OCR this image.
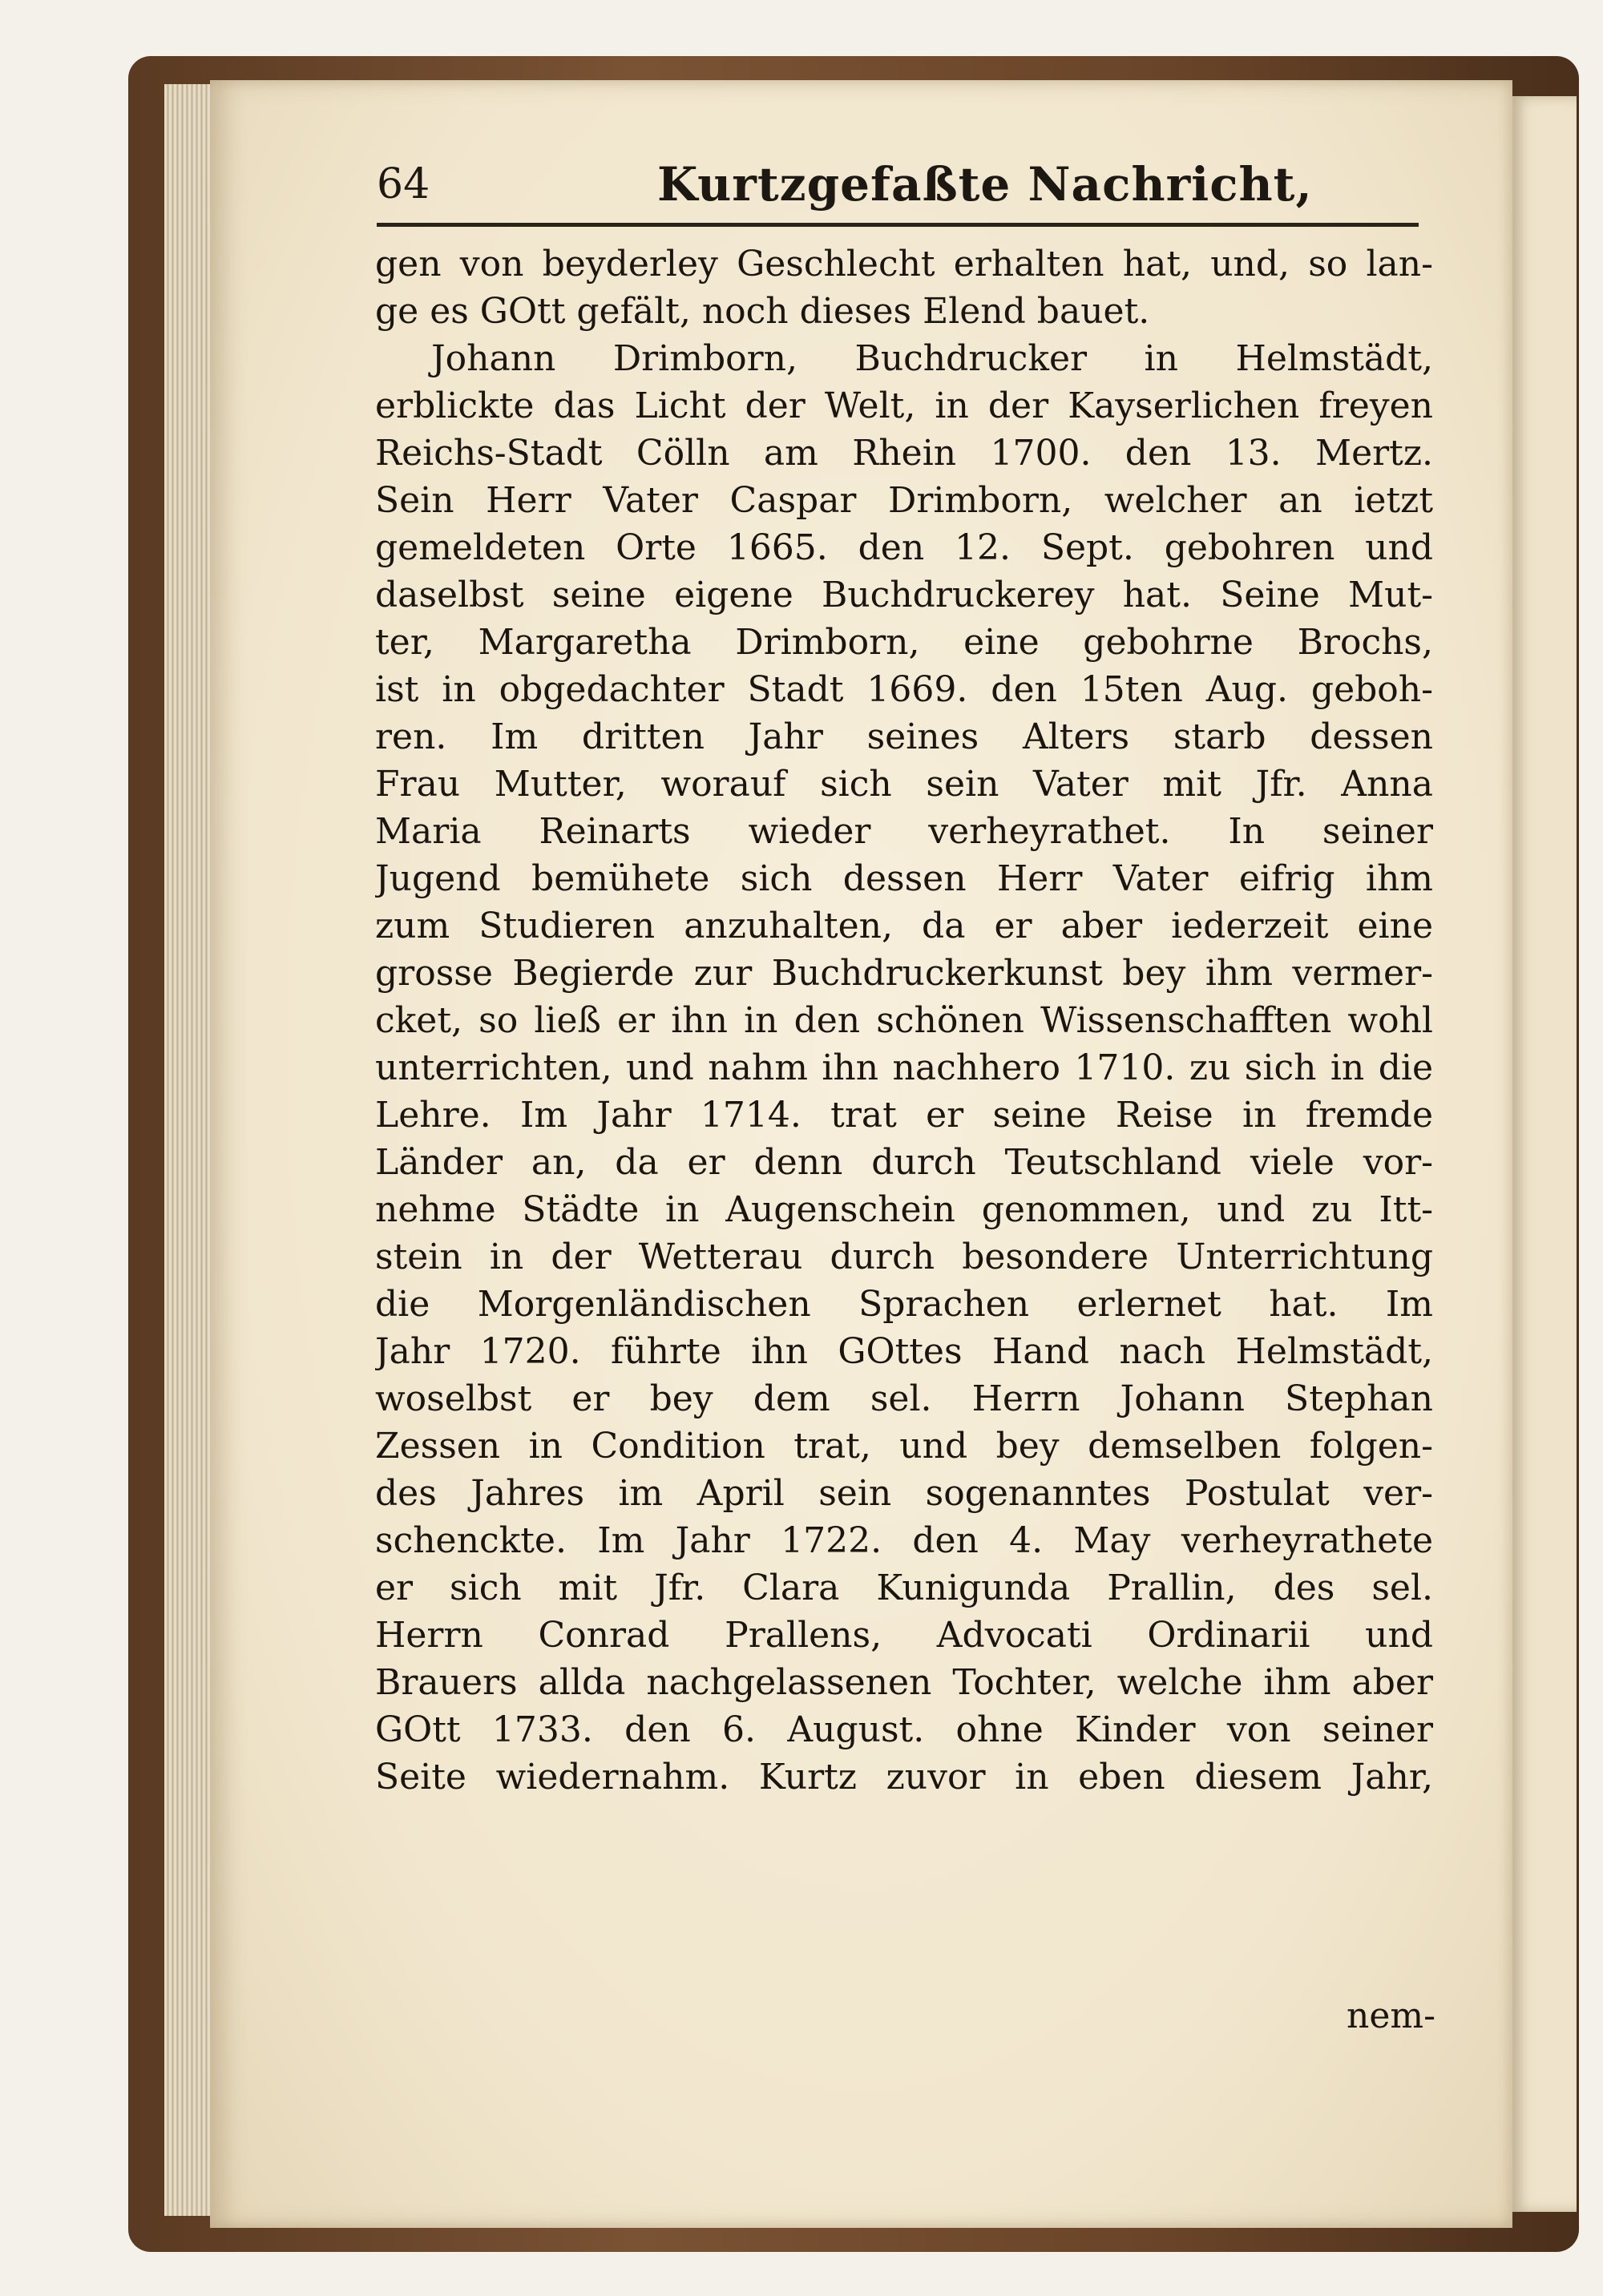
64	Kurtzgefaßte Nachricht,
gen von beyderley Geschlecht erhalten hat, und, so lan-
ge es GOtt gefält, noch dieses Elend bauet.
Johann Drimborn, Buchdrucker in Helmstädt,
erblickte das Licht der Welt, in der Kayserlichen freyen
Reichs-Stadt Cölln am Rhein 1700. den 13. Mertz.
Sein Herr Vater Caspar Drimborn, welcher an ietzt
gemeldeten Orte 1665. den 12. Sept. gebohren und
daselbst seine eigene Buchdruckerey hat. Seine Mut-
ter, Margaretha Drimborn, eine gebohrne Brochs,
ist in obgedachter Stadt 1669. den 15ten Aug. geboh-
ren. Im dritten Jahr seines Alters starb dessen
Frau Mutter, worauf sich sein Vater mit Jfr. Anna
Maria Reinarts wieder verheyrathet. In seiner
Jugend bemühete sich dessen Herr Vater eifrig ihm
zum Studieren anzuhalten, da er aber iederzeit eine
grosse Begierde zur Buchdruckerkunst bey ihm vermer-
cket, so ließ er ihn in den schönen Wissenschafften wohl
unterrichten, und nahm ihn nachhero 1710. zu sich in die
Lehre. Im Jahr 1714. trat er seine Reise in fremde
Länder an, da er denn durch Teutschland viele vor-
nehme Städte in Augenschein genommen, und zu Itt-
stein in der Wetterau durch besondere Unterrichtung
die Morgenländischen Sprachen erlernet hat. Im
Jahr 1720. führte ihn GOttes Hand nach Helmstädt,
woselbst er bey dem sel. Herrn Johann Stephan
Zessen in Condition trat, und bey demselben folgen-
des Jahres im April sein sogenanntes Postulat ver-
schenckte. Im Jahr 1722. den 4. May verheyrathete
er sich mit Jfr. Clara Kunigunda Prallin, des sel.
Herrn Conrad Prallens, Advocati Ordinarii und
Brauers allda nachgelassenen Tochter, welche ihm aber
GOtt 1733. den 6. August. ohne Kinder von seiner
Seite wiedernahm. Kurtz zuvor in eben diesem Jahr,
nem-
